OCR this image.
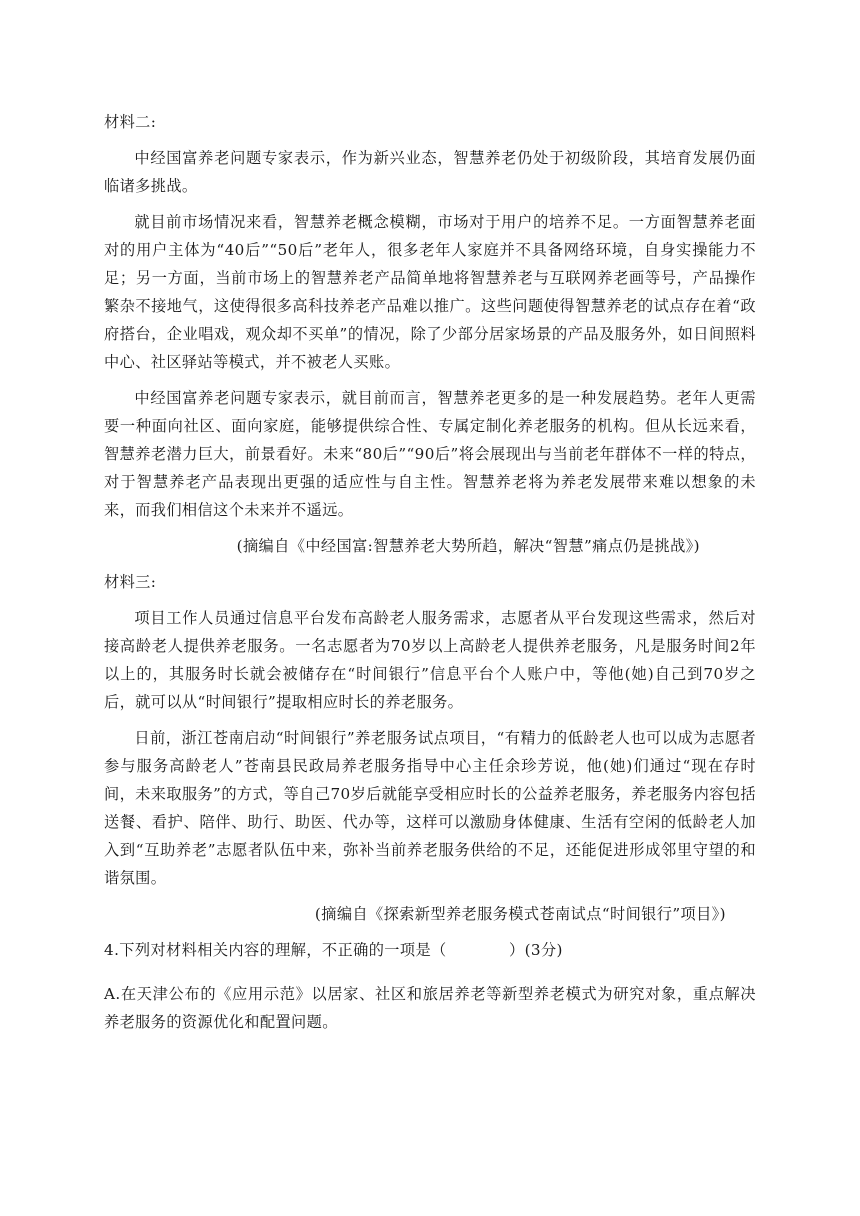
材料二:

中经国富养老问题专家表示，作为新兴业态，智慧养老仍处于初级阶段，其培育发展仍面临诸多挑战。

就目前市场情况来看，智慧养老概念模糊，市场对于用户的培养不足。一方面智慧养老面对的用户主体为“40后”“50后”老年人，很多老年人家庭并不具备网络环境，自身实操能力不足；另一方面，当前市场上的智慧养老产品简单地将智慧养老与互联网养老画等号，产品操作繁杂不接地气，这使得很多高科技养老产品难以推广。这些问题使得智慧养老的试点存在着“政府搭台，企业唱戏，观众却不买单”的情况，除了少部分居家场景的产品及服务外，如日间照料中心、社区驿站等模式，并不被老人买账。

中经国富养老问题专家表示，就目前而言，智慧养老更多的是一种发展趋势。老年人更需要一种面向社区、面向家庭，能够提供综合性、专属定制化养老服务的机构。但从长远来看，智慧养老潜力巨大，前景看好。未来“80后”“90后”将会展现出与当前老年群体不一样的特点，对于智慧养老产品表现出更强的适应性与自主性。智慧养老将为养老发展带来难以想象的未来，而我们相信这个未来并不遥远。

(摘编自《中经国富:智慧养老大势所趋，解决“智慧”痛点仍是挑战》)
材料三:

项目工作人员通过信息平台发布高龄老人服务需求，志愿者从平台发现这些需求，然后对接高龄老人提供养老服务。一名志愿者为70岁以上高龄老人提供养老服务，凡是服务时间2年以上的，其服务时长就会被储存在“时间银行”信息平台个人账户中，等他(她)自己到70岁之后，就可以从“时间银行”提取相应时长的养老服务。

日前，浙江苍南启动“时间银行”养老服务试点项目，“有精力的低龄老人也可以成为志愿者参与服务高龄老人”苍南县民政局养老服务指导中心主任余珍芳说，他(她)们通过“现在存时间，未来取服务”的方式，等自己70岁后就能享受相应时长的公益养老服务，养老服务内容包括送餐、看护、陪伴、助行、助医、代办等，这样可以激励身体健康、生活有空闲的低龄老人加入到“互助养老”志愿者队伍中来，弥补当前养老服务供给的不足，还能促进形成邻里守望的和谐氛围。

(摘编自《探索新型养老服务模式苍南试点“时间银行”项目》)
4.下列对材料相关内容的理解，不正确的一项是（　　　　）(3分)

A.在天津公布的《应用示范》以居家、社区和旅居养老等新型养老模式为研究对象，重点解决养老服务的资源优化和配置问题。
